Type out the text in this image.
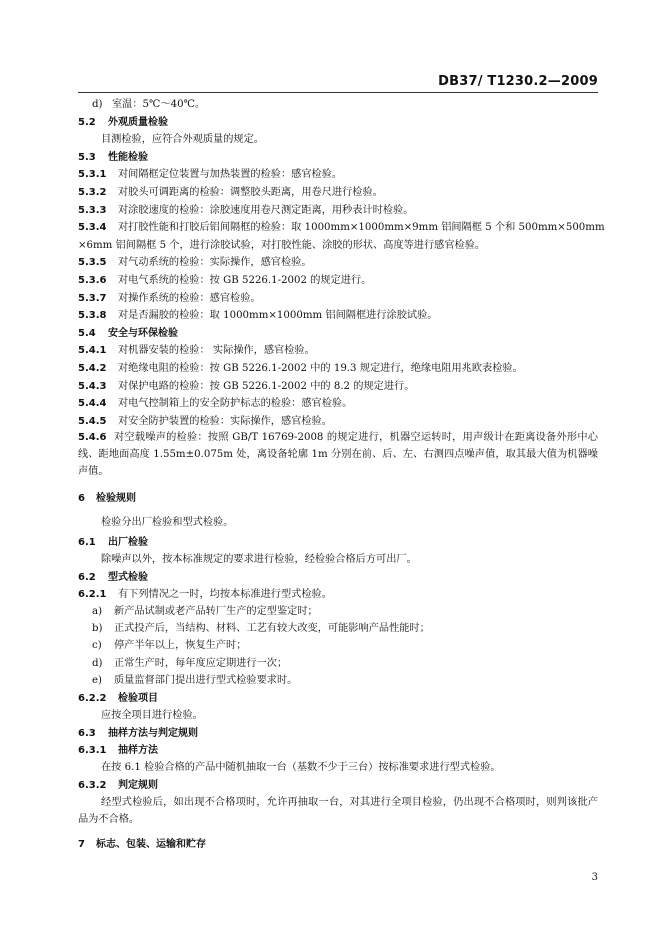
DB37/ T1230.2—2009
d) 室温：5℃～40℃。
5.2 外观质量检验
目测检验，应符合外观质量的规定。
5.3 性能检验
5.3.1 对间隔框定位装置与加热装置的检验：感官检验。
5.3.2 对胶头可调距离的检验：调整胶头距离，用卷尺进行检验。
5.3.3 对涂胶速度的检验：涂胶速度用卷尺测定距离，用秒表计时检验。
5.3.4 对打胶性能和打胶后铝间隔框的检验：取 1000mm×1000mm×9mm 铝间隔框 5 个和 500mm×500mm
×6mm 铝间隔框 5 个，进行涂胶试验，对打胶性能、涂胶的形状、高度等进行感官检验。
5.3.5 对气动系统的检验：实际操作，感官检验。
5.3.6 对电气系统的检验：按 GB 5226.1-2002 的规定进行。
5.3.7 对操作系统的检验：感官检验。
5.3.8 对是否漏胶的检验：取 1000mm×1000mm 铝间隔框进行涂胶试验。
5.4 安全与环保检验
5.4.1 对机器安装的检验： 实际操作，感官检验。
5.4.2 对绝缘电阻的检验：按 GB 5226.1-2002 中的 19.3 规定进行，绝缘电阻用兆欧表检验。
5.4.3 对保护电路的检验：按 GB 5226.1-2002 中的 8.2 的规定进行。
5.4.4 对电气控制箱上的安全防护标志的检验：感官检验。
5.4.5 对安全防护装置的检验：实际操作，感官检验。
5.4.6 对空载噪声的检验：按照 GB/T 16769-2008 的规定进行，机器空运转时，用声级计在距离设备外形中心线、距地面高度 1.55m±0.075m 处，离设备轮廓 1m 分别在前、后、左、右测四点噪声值，取其最大值为机器噪声值。
6 检验规则
检验分出厂检验和型式检验。
6.1 出厂检验
除噪声以外，按本标准规定的要求进行检验，经检验合格后方可出厂。
6.2 型式检验
6.2.1 有下列情况之一时，均按本标准进行型式检验。
a) 新产品试制或老产品转厂生产的定型鉴定时；
b) 正式投产后，当结构、材料、工艺有较大改变，可能影响产品性能时；
c) 停产半年以上，恢复生产时；
d) 正常生产时，每年度应定期进行一次；
e) 质量监督部门提出进行型式检验要求时。
6.2.2 检验项目
应按全项目进行检验。
6.3 抽样方法与判定规则
6.3.1 抽样方法
在按 6.1 检验合格的产品中随机抽取一台（基数不少于三台）按标准要求进行型式检验。
6.3.2 判定规则
经型式检验后，如出现不合格项时，允许再抽取一台，对其进行全项目检验，仍出现不合格项时，则判该批产品为不合格。
7 标志、包装、运输和贮存
3
